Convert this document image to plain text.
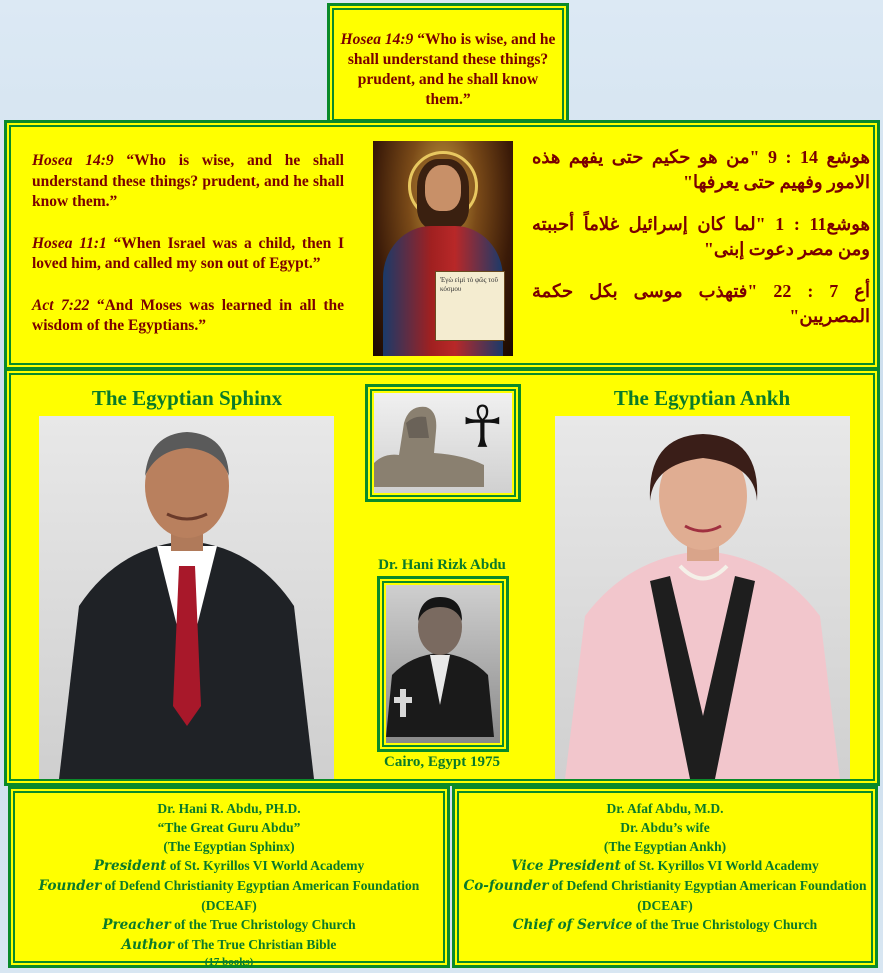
Hosea 14:9 “Who is wise, and he shall understand these things? prudent, and he shall know them.”

Hosea 14:9 “Who is wise, and he shall understand these things? prudent, and he shall know them.”

Hosea 11:1 “When Israel was a child, then I loved him, and called my son out of Egypt.”

Act 7:22 “And Moses was learned in all the wisdom of the Egyptians.”

Ἐγὼ εἰμὶ τὸ φῶς τοῦ κόσμου

هوشع 14 : 9 "من هو حكيم حتى يفهم هذه الامور وفهيم حتى يعرفها"

هوشع11 : 1 "لما كان إسرائيل غلاماً أحببته ومن مصر دعوت إبنى"

أع 7 : 22 "فتهذب موسى بكل حكمة المصريين"

The Egyptian Sphinx	The Egyptian Ankh
☥
Dr. Hani Rizk Abdu
Cairo, Egypt 1975
Dr. Hani R. Abdu, PH.D.
“The Great Guru Abdu”
(The Egyptian Sphinx)
President of St. Kyrillos VI World Academy
Founder of Defend Christianity Egyptian American Foundation (DCEAF)
Preacher of the True Christology Church
Author of The True Christian Bible
(17 books)
Dr. Afaf Abdu, M.D.
Dr. Abdu’s wife
(The Egyptian Ankh)
Vice President of St. Kyrillos VI World Academy
Co-founder of Defend Christianity Egyptian American Foundation (DCEAF)
Chief of Service of the True Christology Church
